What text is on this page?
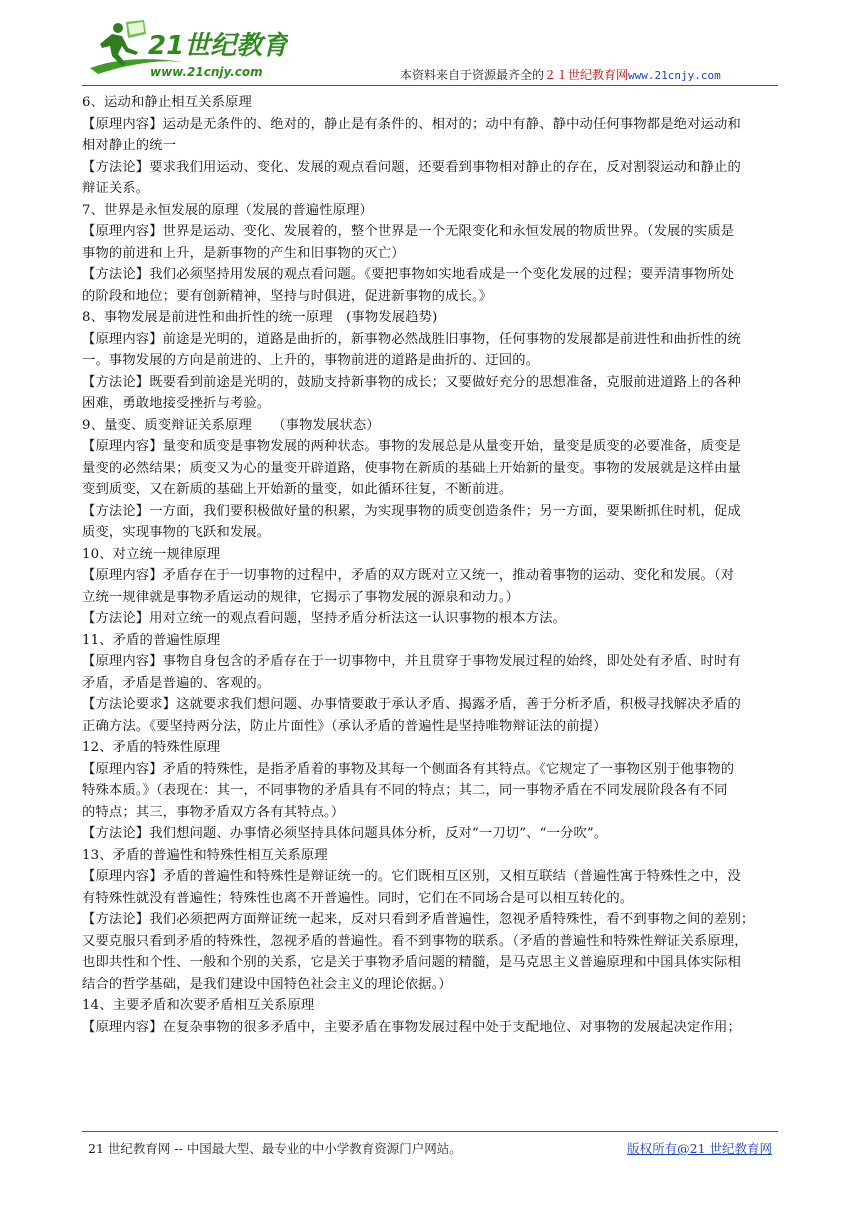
21世纪教育
www.21cnjy.com	本资料来自于资源最齐全的２１世纪教育网www.21cnjy.com
6、运动和静止相互关系原理
【原理内容】运动是无条件的、绝对的，静止是有条件的、相对的；动中有静、静中动任何事物都是绝对运动和
相对静止的统一
【方法论】要求我们用运动、变化、发展的观点看问题，还要看到事物相对静止的存在，反对割裂运动和静止的
辩证关系。
7、世界是永恒发展的原理（发展的普遍性原理）
【原理内容】世界是运动、变化、发展着的，整个世界是一个无限变化和永恒发展的物质世界。（发展的实质是
事物的前进和上升，是新事物的产生和旧事物的灭亡）
【方法论】我们必须坚持用发展的观点看问题。《要把事物如实地看成是一个变化发展的过程；要弄清事物所处
的阶段和地位；要有创新精神，坚持与时俱进，促进新事物的成长。》
8、事物发展是前进性和曲折性的统一原理　(事物发展趋势)
【原理内容】前途是光明的，道路是曲折的，新事物必然战胜旧事物，任何事物的发展都是前进性和曲折性的统
一。事物发展的方向是前进的、上升的，事物前进的道路是曲折的、迂回的。
【方法论】既要看到前途是光明的，鼓励支持新事物的成长；又要做好充分的思想准备，克服前进道路上的各种
困难，勇敢地接受挫折与考验。
9、量变、质变辩证关系原理　　（事物发展状态）
【原理内容】量变和质变是事物发展的两种状态。事物的发展总是从量变开始，量变是质变的必要准备，质变是
量变的必然结果；质变又为心的量变开辟道路，使事物在新质的基础上开始新的量变。事物的发展就是这样由量
变到质变，又在新质的基础上开始新的量变，如此循环往复，不断前进。
【方法论】一方面，我们要积极做好量的积累，为实现事物的质变创造条件；另一方面，要果断抓住时机，促成
质变，实现事物的飞跃和发展。
10、对立统一规律原理
【原理内容】矛盾存在于一切事物的过程中，矛盾的双方既对立又统一，推动着事物的运动、变化和发展。（对
立统一规律就是事物矛盾运动的规律，它揭示了事物发展的源泉和动力。）
【方法论】用对立统一的观点看问题，坚持矛盾分析法这一认识事物的根本方法。
11、矛盾的普遍性原理
【原理内容】事物自身包含的矛盾存在于一切事物中，并且贯穿于事物发展过程的始终，即处处有矛盾、时时有
矛盾，矛盾是普遍的、客观的。
【方法论要求】这就要求我们想问题、办事情要敢于承认矛盾、揭露矛盾，善于分析矛盾，积极寻找解决矛盾的
正确方法。《要坚持两分法，防止片面性》（承认矛盾的普遍性是坚持唯物辩证法的前提）
12、矛盾的特殊性原理
【原理内容】矛盾的特殊性，是指矛盾着的事物及其每一个侧面各有其特点。《它规定了一事物区别于他事物的
特殊本质。》（表现在：其一，不同事物的矛盾具有不同的特点；其二，同一事物矛盾在不同发展阶段各有不同
的特点；其三，事物矛盾双方各有其特点。）
【方法论】我们想问题、办事情必须坚持具体问题具体分析，反对“一刀切”、“一分吹”。
13、矛盾的普遍性和特殊性相互关系原理
【原理内容】矛盾的普遍性和特殊性是辩证统一的。它们既相互区别，又相互联结（普遍性寓于特殊性之中，没
有特殊性就没有普遍性；特殊性也离不开普遍性。同时，它们在不同场合是可以相互转化的。
【方法论】我们必须把两方面辩证统一起来，反对只看到矛盾普遍性，忽视矛盾特殊性，看不到事物之间的差别；
又要克服只看到矛盾的特殊性，忽视矛盾的普遍性。看不到事物的联系。（矛盾的普遍性和特殊性辩证关系原理，
也即共性和个性、一般和个别的关系，它是关于事物矛盾问题的精髓，是马克思主义普遍原理和中国具体实际相
结合的哲学基础，是我们建设中国特色社会主义的理论依据。）
14、主要矛盾和次要矛盾相互关系原理
【原理内容】在复杂事物的很多矛盾中，主要矛盾在事物发展过程中处于支配地位、对事物的发展起决定作用；
21 世纪教育网 -- 中国最大型、最专业的中小学教育资源门户网站。	版权所有@21 世纪教育网
